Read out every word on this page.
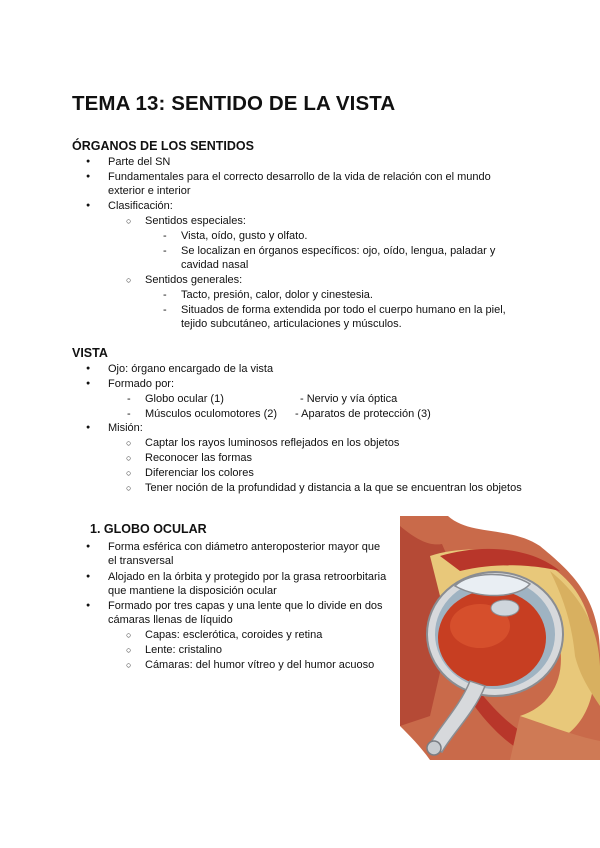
TEMA 13: SENTIDO DE LA VISTA
ÓRGANOS DE LOS SENTIDOS
● Parte del SN
● Fundamentales para el correcto desarrollo de la vida de relación con el mundo
exterior e interior
● Clasificación:
○ Sentidos especiales:
- Vista, oído, gusto y olfato.
- Se localizan en órganos específicos: ojo, oído, lengua, paladar y
cavidad nasal
○ Sentidos generales:
- Tacto, presión, calor, dolor y cinestesia.
- Situados de forma extendida por todo el cuerpo humano en la piel,
tejido subcutáneo, articulaciones y músculos.
VISTA
● Ojo: órgano encargado de la vista
● Formado por:
- Globo ocular (1)	- Nervio y vía óptica
- Músculos oculomotores (2) - Aparatos de protección (3)
● Misión:
○ Captar los rayos luminosos reflejados en los objetos
○ Reconocer las formas
○ Diferenciar los colores
○ Tener noción de la profundidad y distancia a la que se encuentran los objetos
1. GLOBO OCULAR
● Forma esférica con diámetro anteroposterior mayor que
el transversal
● Alojado en la órbita y protegido por la grasa retroorbitaria
que mantiene la disposición ocular
● Formado por tres capas y una lente que lo divide en dos
cámaras llenas de líquido
○ Capas: esclerótica, coroides y retina
○ Lente: cristalino
○ Cámaras: del humor vítreo y del humor acuoso
